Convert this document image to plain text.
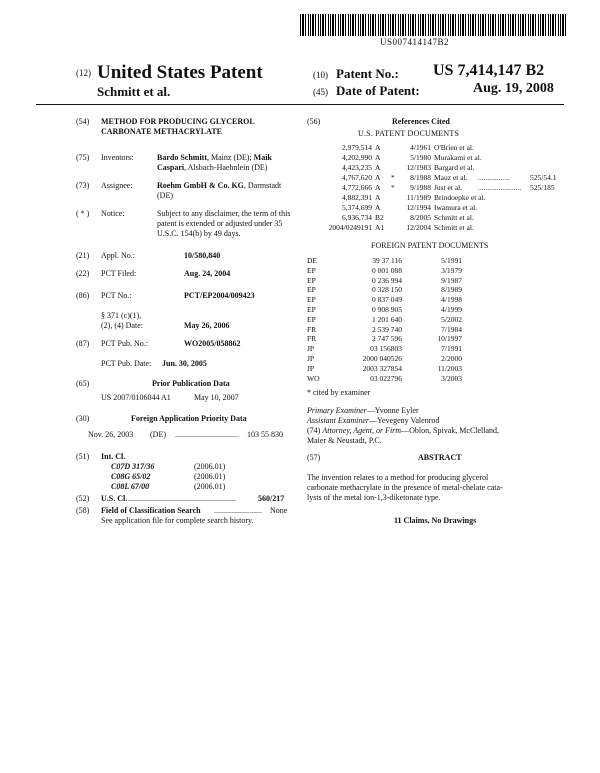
US007414147B2
(12) United States Patent
Schmitt et al.
(10) Patent No.: US 7,414,147 B2
(45) Date of Patent:	Aug. 19, 2008
(54) METHOD FOR PRODUCING GLYCEROL
CARBONATE METHACRYLATE
(75) Inventors:	Bardo Schmitt, Mainz (DE); Maik
Caspari, Alsbach-Haehnlein (DE)
(73) Assignee:	Roehm GmbH & Co. KG, Darmstadt
(DE)
( * ) Notice:	Subject to any disclaimer, the term of this
patent is extended or adjusted under 35
U.S.C. 154(b) by 49 days.
(21) Appl. No.:	10/580,840
(22) PCT Filed:	Aug. 24, 2004
(86) PCT No.:	PCT/EP2004/009423
§ 371 (c)(1),
(2), (4) Date:	May 26, 2006
(87) PCT Pub. No.:	WO2005/058862
PCT Pub. Date: Jun. 30, 2005
(65)	Prior Publication Data
US 2007/0106044 A1	May 10, 2007
(30)	Foreign Application Priority Data
Nov. 26, 2003 (DE) ................................ 103 55 830
(51) Int. Cl.
C07D 317/36	(2006.01)
C08G 65/02	(2006.01)
C08L 67/00	(2006.01)
(52) U.S. Cl. ......................................................	560/217
(58) Field of Classification Search ........................ None
See application file for complete search history.
(56)	References Cited
U.S. PATENT DOCUMENTS
2,979,514 A	4/1961 O'Brien et al.
4,202,990 A	5/1980 Murakami et al.
4,423,235 A	12/1983 Bargard et al.
4,767,620 A *	8/1988 Mauz et al. .................	525/54.1
4,772,666 A *	9/1988 Just et al. ....................... 525/185
4,882,391 A	11/1989 Brindoepke et al.
5,374,699 A	12/1994 Iwamura et al.
6,936,734 B2	8/2005 Schmitt et al.
2004/0249191 A1	12/2004 Schmitt et al.
FOREIGN PATENT DOCUMENTS
DE	39 37 116	5/1991
EP	0 001 088	3/1979
EP	0 236 994	9/1987
EP	0 328 150	8/1989
EP	0 837 049	4/1998
EP	0 908 905	4/1999
EP	1 201 640	5/2002
FR	2 539 740	7/1984
FR	2 747 596	10/1997
JP	03 156803	7/1991
JP	2000 040526	2/2000
JP	2003 327854	11/2003
WO	03 022796	3/2003
* cited by examiner
Primary Examiner—Yvonne Eyler
Assistant Examiner—Yevegeny Valenrod
(74) Attorney, Agent, or Firm—Oblon, Spivak, McClelland,
Maier & Neustadt, P.C.
(57)	ABSTRACT
The invention relates to a method for producing glycerol
carbonate methacrylate in the presence of metal-chelate cata-
lysts of the metal ion-1,3-diketonate type.
11 Claims, No Drawings
